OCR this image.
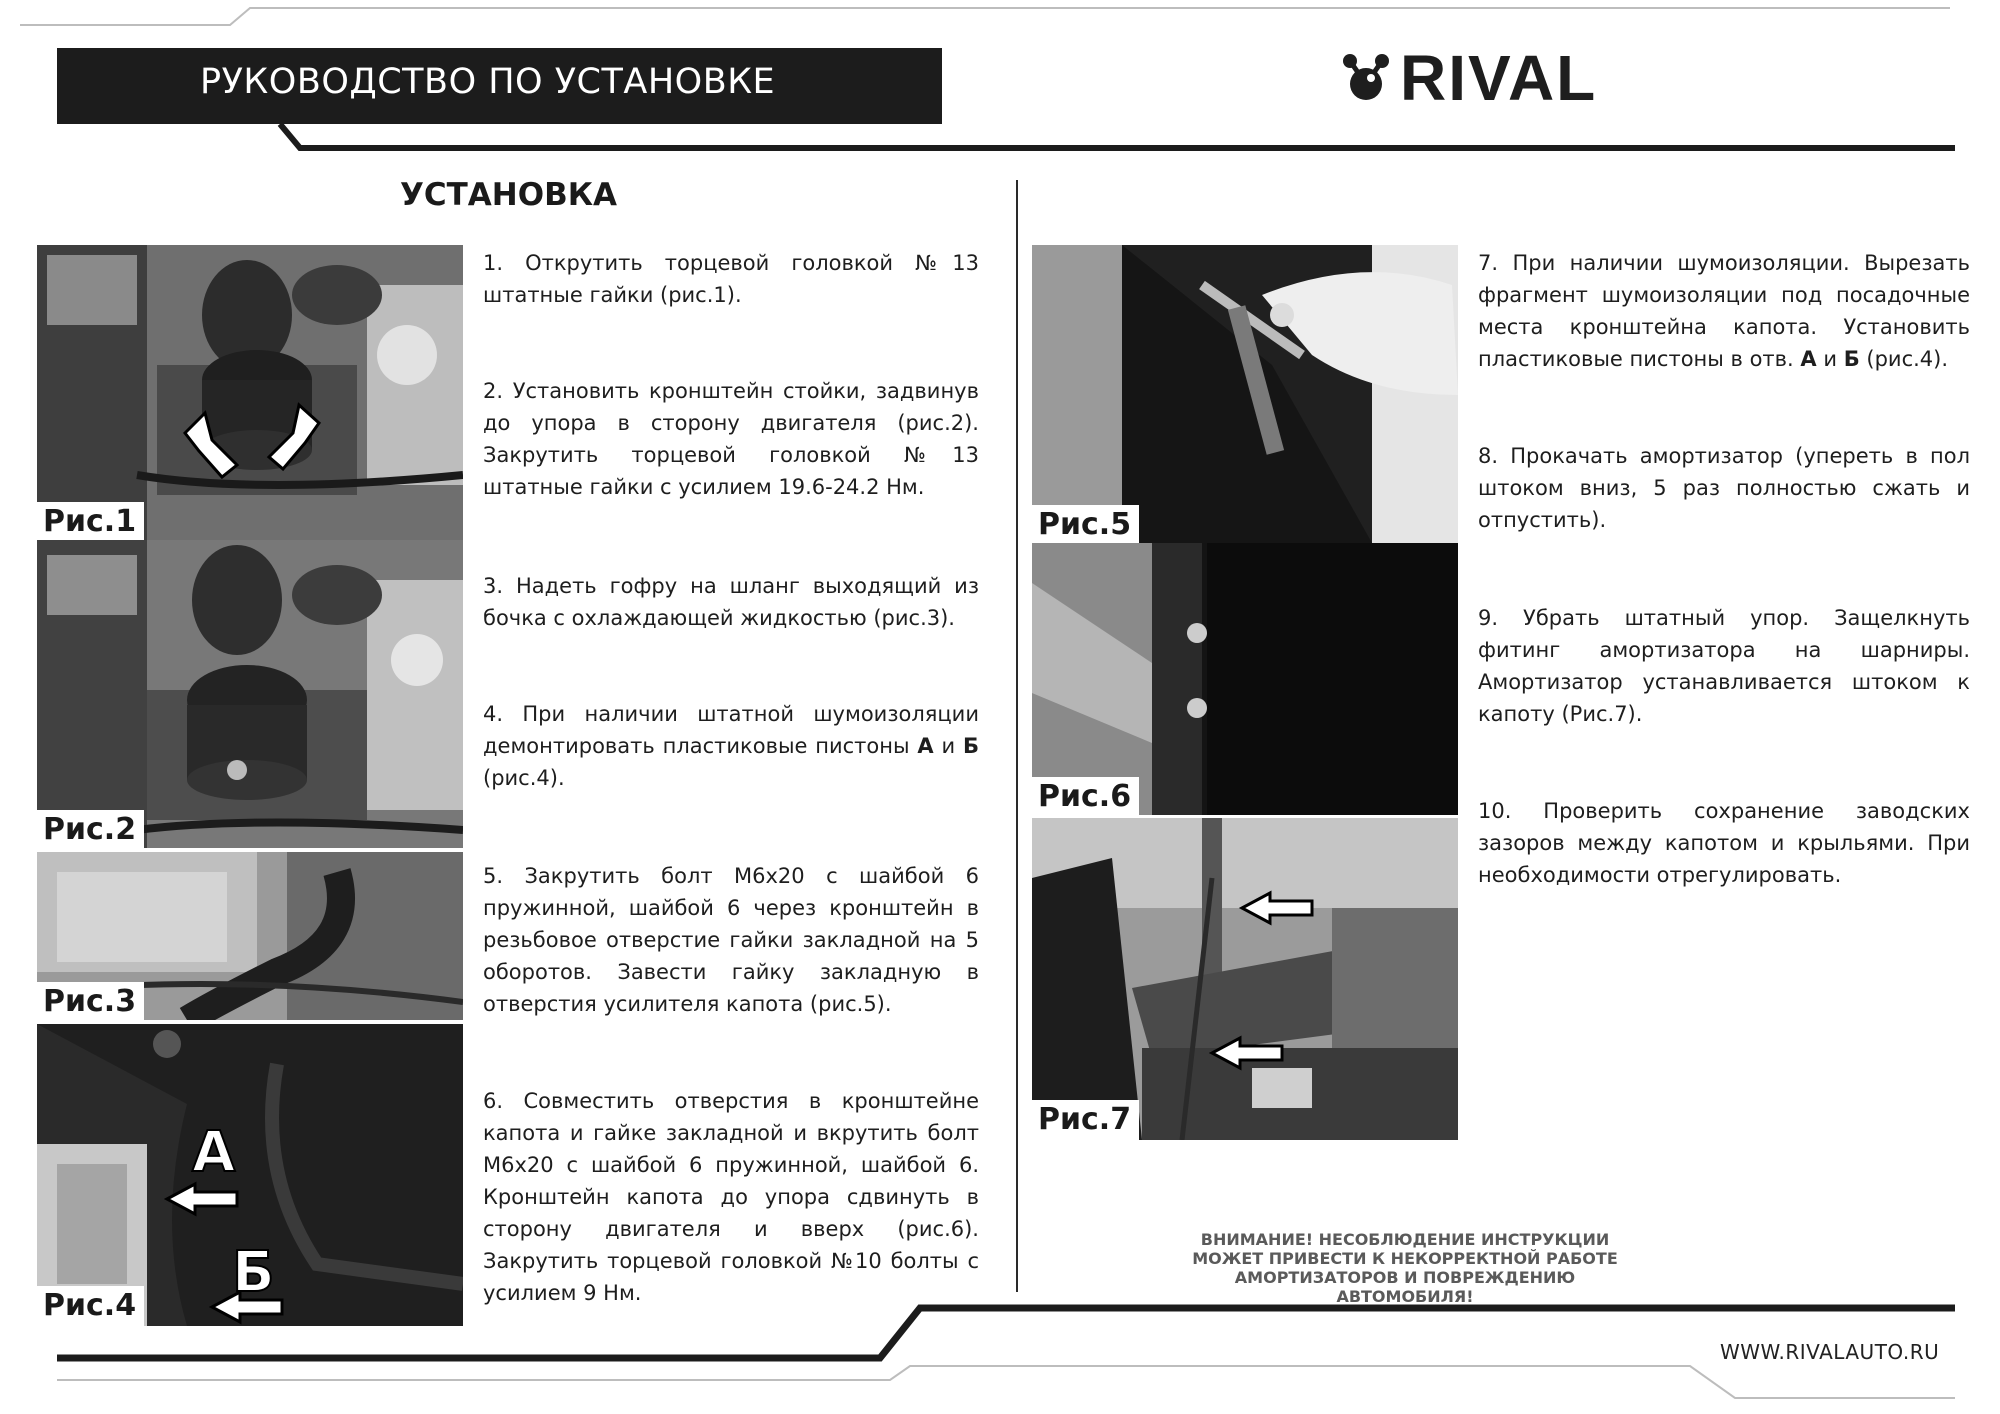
РУКОВОДСТВО ПО УСТАНОВКЕ	RIVAL
УСТАНОВКА
Рис.1
Рис.2
Рис.3
А
Б
Рис.4
Рис.5
Рис.6
Рис.7
1. Открутить торцевой головкой №13 штатные гайки (рис.1).
2. Установить кронштейн стойки, задвинув до упора в сторону двигателя (рис.2). Закрутить торцевой головкой №13 штатные гайки с усилием 19.6-24.2 Нм.
3. Надеть гофру на шланг выходящий из бочка с охлаждающей жидкостью (рис.3).
4. При наличии штатной шумоизоляции демонтировать пластиковые пистоны А и Б (рис.4).
5. Закрутить болт М6х20 с шайбой 6 пружинной, шайбой 6 через кронштейн в резьбовое отверстие гайки закладной на 5 оборотов. Завести гайку закладную в отверстия усилителя капота (рис.5).
6. Совместить отверстия в кронштейне капота и гайке закладной и вкрутить болт М6х20 с шайбой 6 пружинной, шайбой 6. Кронштейн капота до упора сдвинуть в сторону двигателя и вверх (рис.6). Закрутить торцевой головкой №10 болты с усилием 9 Нм.
7. При наличии шумоизоляции. Вырезать фрагмент шумоизоляции под посадочные места кронштейна капота. Установить пластиковые пистоны в отв. А и Б (рис.4).
8. Прокачать амортизатор (упереть в пол штоком вниз, 5 раз полностью сжать и отпустить).
9. Убрать штатный упор. Защелкнуть фитинг амортизатора на шарниры. Амортизатор устанавливается штоком к капоту (Рис.7).
10. Проверить сохранение заводских зазоров между капотом и крыльями. При необходимости отрегулировать.
ВНИМАНИЕ! НЕСОБЛЮДЕНИЕ ИНСТРУКЦИИ МОЖЕТ ПРИВЕСТИ К НЕКОРРЕКТНОЙ РАБОТЕ АМОРТИЗАТОРОВ И ПОВРЕЖДЕНИЮ АВТОМОБИЛЯ!
WWW.RIVALAUTO.RU
